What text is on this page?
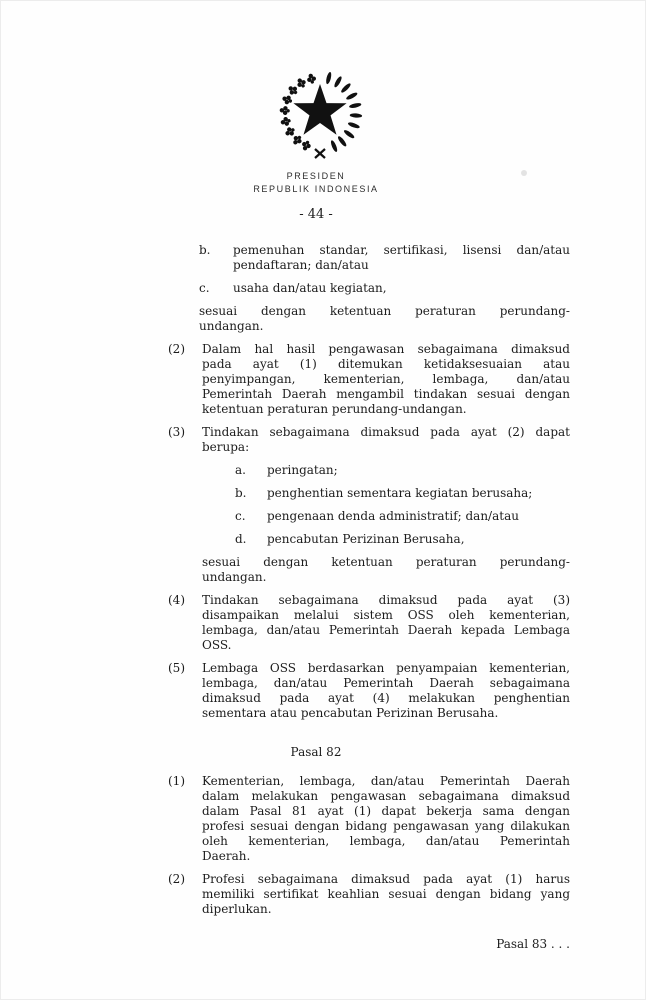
PRESIDEN
REPUBLIK INDONESIA
- 44 -
b.	pemenuhan standar, sertifikasi, lisensi dan/atau
pendaftaran; dan/atau
c.	usaha dan/atau kegiatan,
sesuai dengan ketentuan peraturan perundang-
undangan.
(2)	Dalam hal hasil pengawasan sebagaimana dimaksud
pada ayat (1) ditemukan ketidaksesuaian atau
penyimpangan, kementerian, lembaga, dan/atau
Pemerintah Daerah mengambil tindakan sesuai dengan
ketentuan peraturan perundang-undangan.
(3)	Tindakan sebagaimana dimaksud pada ayat (2) dapat
berupa:
a.	peringatan;
b.	penghentian sementara kegiatan berusaha;
c.	pengenaan denda administratif; dan/atau
d.	pencabutan Perizinan Berusaha,
sesuai dengan ketentuan peraturan perundang-
undangan.
(4)	Tindakan sebagaimana dimaksud pada ayat (3)
disampaikan melalui sistem OSS oleh kementerian,
lembaga, dan/atau Pemerintah Daerah kepada Lembaga
OSS.
(5)	Lembaga OSS berdasarkan penyampaian kementerian,
lembaga, dan/atau Pemerintah Daerah sebagaimana
dimaksud pada ayat (4) melakukan penghentian
sementara atau pencabutan Perizinan Berusaha.
Pasal 82
(1)	Kementerian, lembaga, dan/atau Pemerintah Daerah
dalam melakukan pengawasan sebagaimana dimaksud
dalam Pasal 81 ayat (1) dapat bekerja sama dengan
profesi sesuai dengan bidang pengawasan yang dilakukan
oleh kementerian, lembaga, dan/atau Pemerintah
Daerah.
(2)	Profesi sebagaimana dimaksud pada ayat (1) harus
memiliki sertifikat keahlian sesuai dengan bidang yang
diperlukan.
Pasal 83 . . .
